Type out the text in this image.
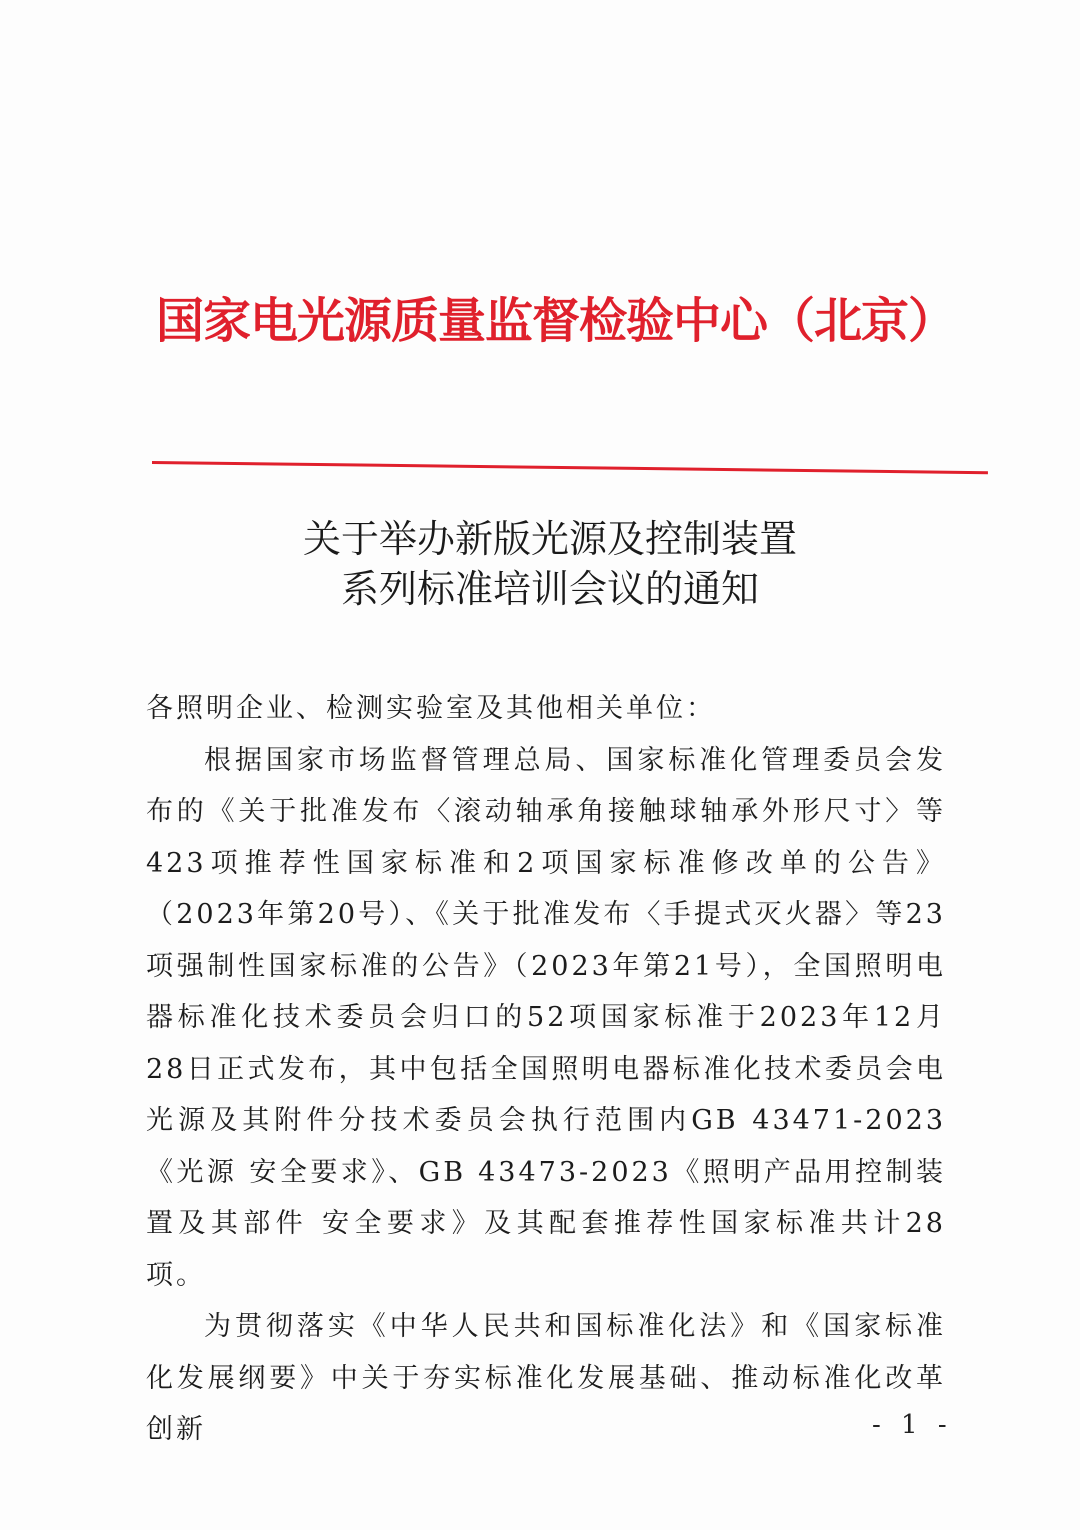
国家电光源质量监督检验中心（北京）
关于举办新版光源及控制装置
系列标准培训会议的通知

各照明企业、检测实验室及其他相关单位：

根据国家市场监督管理总局、国家标准化管理委员会发布的《关于批准发布〈滚动轴承角接触球轴承外形尺寸〉等423项推荐性国家标准和2项国家标准修改单的公告》（2023年第20号）、《关于批准发布〈手提式灭火器〉等23项强制性国家标准的公告》（2023年第21号），全国照明电器标准化技术委员会归口的52项国家标准于2023年12月28日正式发布，其中包括全国照明电器标准化技术委员会电光源及其附件分技术委员会执行范围内GB 43471-2023《光源 安全要求》、GB 43473-2023《照明产品用控制装置及其部件 安全要求》及其配套推荐性国家标准共计28项。

为贯彻落实《中华人民共和国标准化法》和《国家标准化发展纲要》中关于夯实标准化发展基础、推动标准化改革创新	- 1 -
